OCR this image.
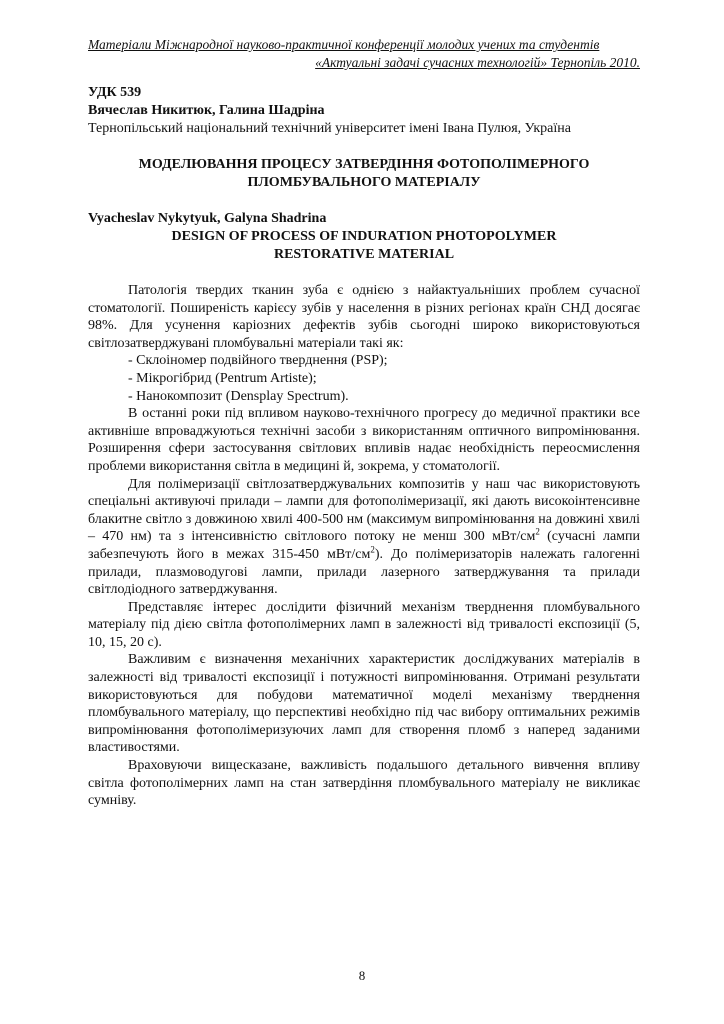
Матеріали Міжнародної науково-практичної конференції молодих учених та студентів
«Актуальні задачі сучасних технологій» Тернопіль 2010.
УДК 539
Вячеслав Никитюк, Галина Шадріна
Тернопільський національний технічний університет імені Івана Пулюя, Україна
МОДЕЛЮВАННЯ ПРОЦЕСУ ЗАТВЕРДІННЯ ФОТОПОЛІМЕРНОГО
ПЛОМБУВАЛЬНОГО МАТЕРІАЛУ
Vyacheslav Nykytyuk, Galyna Shadrina
DESIGN OF PROCESS OF INDURATION PHOTOPOLYMER
RESTORATIVE MATERIAL

Патологія твердих тканин зуба є однією з найактуальніших проблем сучасної стоматології. Поширеність карієсу зубів у населення в різних регіонах країн СНД досягає 98%. Для усунення каріозних дефектів зубів сьогодні широко використовуються світлозатверджувані пломбувальні матеріали такі як:

- Склоіномер подвійного тверднення (PSP);

- Мікрогібрид (Pentrum Artiste);

- Нанокомпозит (Densplay Spectrum).

В останні роки під впливом науково-технічного прогресу до медичної практики все активніше впроваджуються технічні засоби з використанням оптичного випромінювання. Розширення сфери застосування світлових впливів надає необхідність переосмислення проблеми використання світла в медицині й, зокрема, у стоматології.

Для полімеризації світлозатверджувальних композитів у наш час використовують спеціальні активуючі прилади – лампи для фотополімеризації, які дають високоінтенсивне блакитне світло з довжиною хвилі 400-500 нм (максимум випромінювання на довжині хвилі – 470 нм) та з інтенсивністю світлового потоку не менш 300 мВт/$см^2$ (сучасні лампи забезпечують його в межах 315-450 мВт/$см^2$). До полімеризаторів належать галогенні прилади, плазмоводугові лампи, прилади лазерного затверджування та прилади світлодіодного затверджування.

Представляє інтерес дослідити фізичний механізм тверднення пломбувального матеріалу під дією світла фотополімерних ламп в залежності від тривалості експозиції (5, 10, 15, 20 с).

Важливим є визначення механічних характеристик досліджуваних матеріалів в залежності від тривалості експозиції і потужності випромінювання. Отримані результати використовуються для побудови математичної моделі механізму тверднення пломбувального матеріалу, що перспективі необхідно під час вибору оптимальних режимів випромінювання фотополімеризуючих ламп для створення пломб з наперед заданими властивостями.

Враховуючи вищесказане, важливість подальшого детального вивчення впливу світла фотополімерних ламп на стан затвердіння пломбувального матеріалу не викликає сумніву.

8
